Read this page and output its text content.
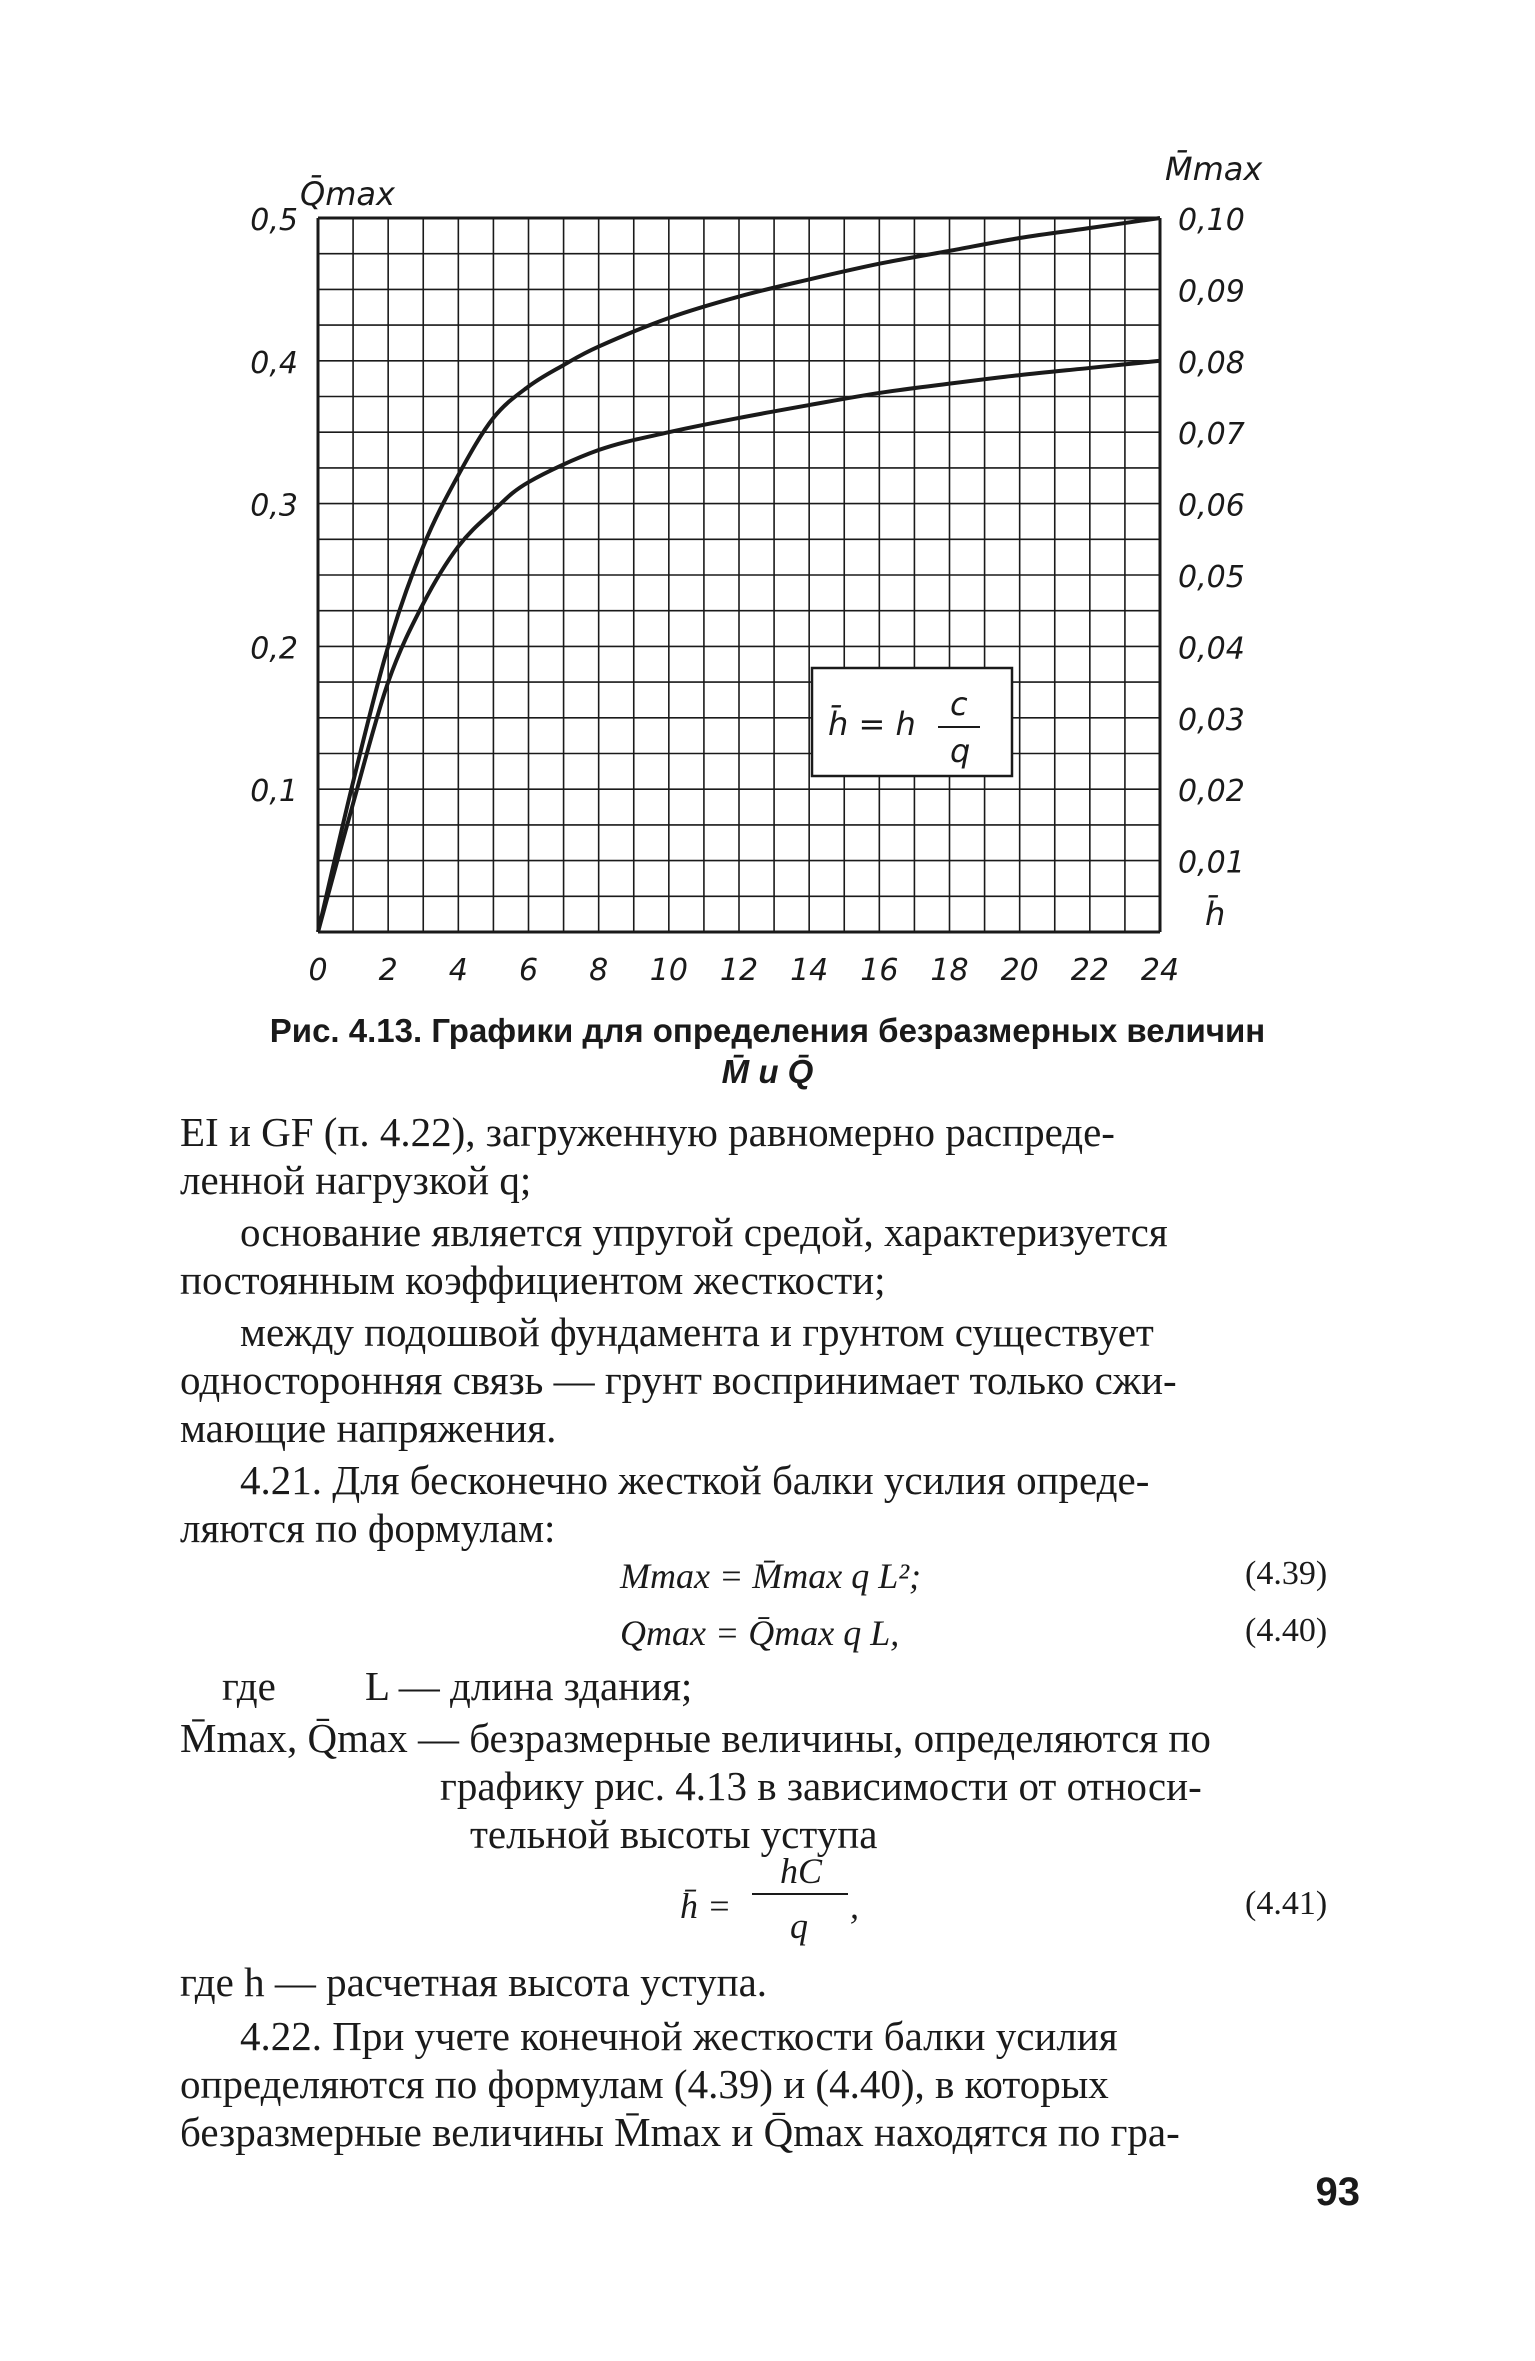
0 2 4 6 8 10 12 14 16 18 20 22 24
0,1
0,2
0,3
0,4
0,5
0,01
0,02
0,03
0,04
0,05
0,06
0,07
0,08
0,09
0,10
Q̄max
M̄max
h̄
h̄ = h
c
q
Рис. 4.13. Графики для определения безразмерных величин
M̄ и Q̄
EI и GF (п. 4.22), загруженную равномерно распреде-
ленной нагрузкой q;
основание является упругой средой, характеризуется
постоянным коэффициентом жесткости;
между подошвой фундамента и грунтом существует
односторонняя связь — грунт воспринимает только сжи-
мающие напряжения.
4.21. Для бесконечно жесткой балки усилия опреде-
ляются по формулам:
Mmax = M̄max q L²;	(4.39)
Qmax = Q̄max q L,	(4.40)
где L — длина здания;
M̄max, Q̄max — безразмерные величины, определяются по
графику рис. 4.13 в зависимости от относи-
тельной высоты уступа
h̄ =
hC
q ,	(4.41)
где h — расчетная высота уступа.
4.22. При учете конечной жесткости балки усилия
определяются по формулам (4.39) и (4.40), в которых
безразмерные величины M̄max и Q̄max находятся по гра-
93
